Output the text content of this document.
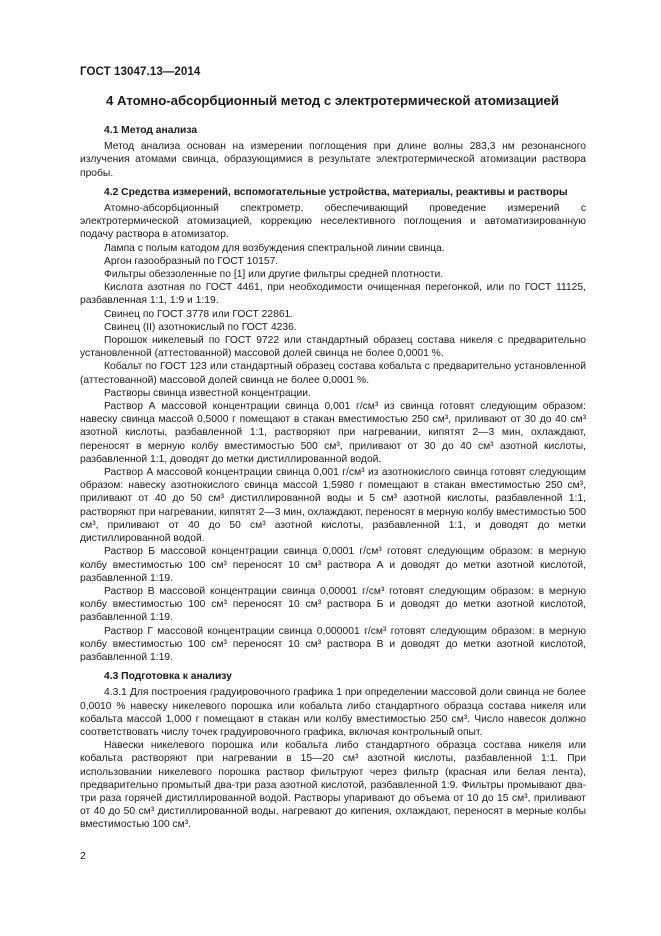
ГОСТ 13047.13—2014
4 Атомно-абсорбционный метод с электротермической атомизацией
4.1 Метод анализа

Метод анализа основан на измерении поглощения при длине волны 283,3 нм резонансного излучения атомами свинца, образующимися в результате электротермической атомизации раствора пробы.

4.2 Средства измерений, вспомогательные устройства, материалы, реактивы и растворы

Атомно-абсорбционный спектрометр, обеспечивающий проведение измерений с электротермической атомизацией, коррекцию неселективного поглощения и автоматизированную подачу раствора в атомизатор.

Лампа с полым катодом для возбуждения спектральной линии свинца.

Аргон газообразный по ГОСТ 10157.

Фильтры обеззоленные по [1] или другие фильтры средней плотности.

Кислота азотная по ГОСТ 4461, при необходимости очищенная перегонкой, или по ГОСТ 11125, разбавленная 1:1, 1:9 и 1:19.

Свинец по ГОСТ 3778 или ГОСТ 22861.

Свинец (II) азотнокислый по ГОСТ 4236.

Порошок никелевый по ГОСТ 9722 или стандартный образец состава никеля с предварительно установленной (аттестованной) массовой долей свинца не более 0,0001 %.

Кобальт по ГОСТ 123 или стандартный образец состава кобальта с предварительно установленной (аттестованной) массовой долей свинца не более 0,0001 %.

Растворы свинца известной концентрации.

Раствор А массовой концентрации свинца 0,001 г/см³ из свинца готовят следующим образом: навеску свинца массой 0,5000 г помещают в стакан вместимостью 250 см³, приливают от 30 до 40 см³ азотной кислоты, разбавленной 1:1, растворяют при нагревании, кипятят 2—3 мин, охлаждают, переносят в мерную колбу вместимостью 500 см³, приливают от 30 до 40 см³ азотной кислоты, разбавленной 1:1, доводят до метки дистиллированной водой.

Раствор А массовой концентрации свинца 0,001 г/см³ из азотнокислого свинца готовят следующим образом: навеску азотнокислого свинца массой 1,5980 г помещают в стакан вместимостью 250 см³, приливают от 40 до 50 см³ дистиллированной воды и 5 см³ азотной кислоты, разбавленной 1:1, растворяют при нагревании, кипятят 2—3 мин, охлаждают, переносят в мерную колбу вместимостью 500 см³, приливают от 40 до 50 см³ азотной кислоты, разбавленной 1:1, и доводят до метки дистиллированной водой.

Раствор Б массовой концентрации свинца 0,0001 г/см³ готовят следующим образом: в мерную колбу вместимостью 100 см³ переносят 10 см³ раствора А и доводят до метки азотной кислотой, разбавленной 1:19.

Раствор В массовой концентрации свинца 0,00001 г/см³ готовят следующим образом: в мерную колбу вместимостью 100 см³ переносят 10 см³ раствора Б и доводят до метки азотной кислотой, разбавленной 1:19.

Раствор Г массовой концентрации свинца 0,000001 г/см³ готовят следующим образом: в мерную колбу вместимостью 100 см³ переносят 10 см³ раствора В и доводят до метки азотной кислотой, разбавленной 1:19.

4.3 Подготовка к анализу

4.3.1 Для построения градуировочного графика 1 при определении массовой доли свинца не более 0,0010 % навеску никелевого порошка или кобальта либо стандартного образца состава никеля или кобальта массой 1,000 г помещают в стакан или колбу вместимостью 250 см³. Число навесок должно соответствовать числу точек градуировочного графика, включая контрольный опыт.

Навески никелевого порошка или кобальта либо стандартного образца состава никеля или кобальта растворяют при нагревании в 15—20 см³ азотной кислоты, разбавленной 1:1. При использовании никелевого порошка раствор фильтруют через фильтр (красная или белая лента), предварительно промытый два-три раза азотной кислотой, разбавленной 1:9. Фильтры промывают два-три раза горячей дистиллированной водой. Растворы упаривают до объема от 10 до 15 см³, приливают от 40 до 50 см³ дистиллированной воды, нагревают до кипения, охлаждают, переносят в мерные колбы вместимостью 100 см³.

2
